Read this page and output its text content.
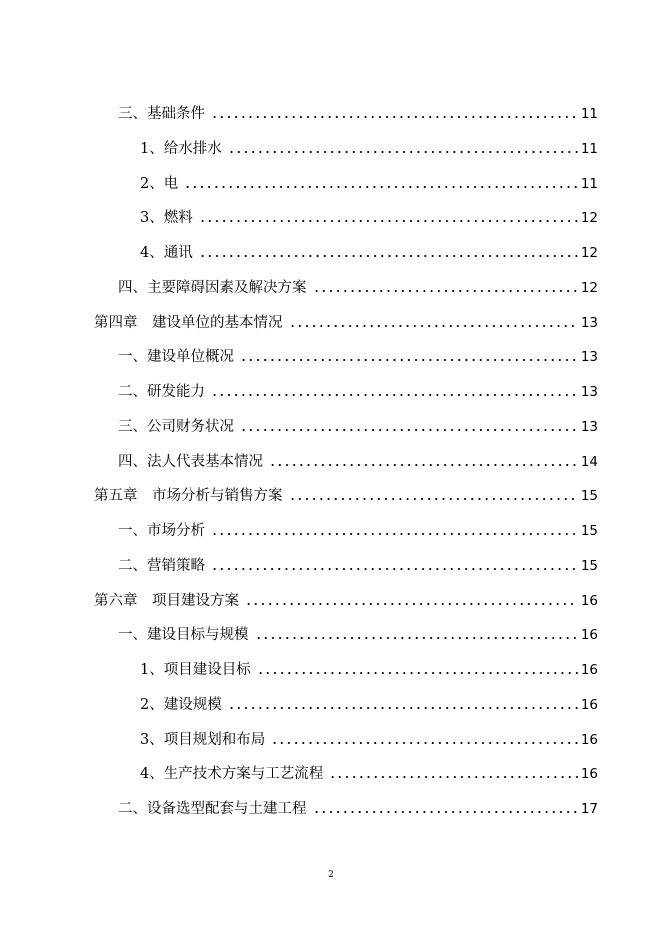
三、基础条件	11
1、给水排水	11
2、电	11
3、燃料	12
4、通讯	12
四、主要障碍因素及解决方案	12
第四章　建设单位的基本情况	13
一、建设单位概况	13
二、研发能力	13
三、公司财务状况	13
四、法人代表基本情况	14
第五章　市场分析与销售方案	15
一、市场分析	15
二、营销策略	15
第六章　项目建设方案	16
一、建设目标与规模	16
1、项目建设目标	16
2、建设规模	16
3、项目规划和布局	16
4、生产技术方案与工艺流程	16
二、设备选型配套与土建工程	17
2
